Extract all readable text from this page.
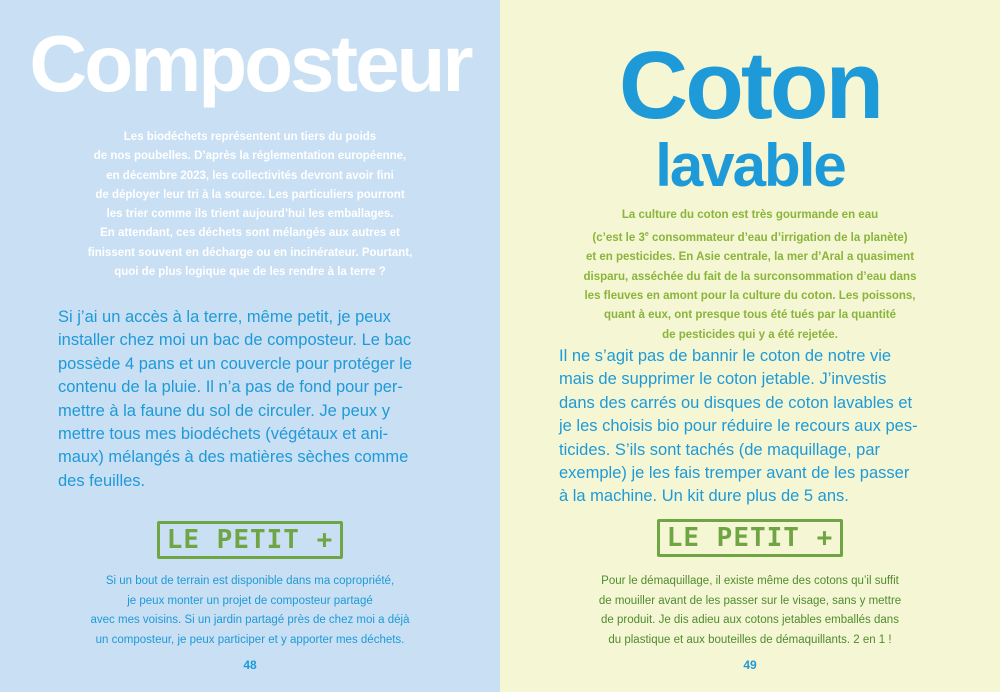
Composteur

Les biodéchets représentent un tiers du poids

de nos poubelles. D’après la réglementation européenne,

en décembre 2023, les collectivités devront avoir fini

de déployer leur tri à la source. Les particuliers pourront

les trier comme ils trient aujourd’hui les emballages.

En attendant, ces déchets sont mélangés aux autres et

finissent souvent en décharge ou en incinérateur. Pourtant,

quoi de plus logique que de les rendre à la terre ?

Si j’ai un accès à la terre, même petit, je peux

installer chez moi un bac de composteur. Le bac

possède 4 pans et un couvercle pour protéger le

contenu de la pluie. Il n’a pas de fond pour per-

mettre à la faune du sol de circuler. Je peux y

mettre tous mes biodéchets (végétaux et ani-

maux) mélangés à des matières sèches comme

des feuilles.

LE PETIT +

Si un bout de terrain est disponible dans ma copropriété,

je peux monter un projet de composteur partagé

avec mes voisins. Si un jardin partagé près de chez moi a déjà

un composteur, je peux participer et y apporter mes déchets.

48
Coton
lavable

La culture du coton est très gourmande en eau

(c’est le 3e consommateur d’eau d’irrigation de la planète)

et en pesticides. En Asie centrale, la mer d’Aral a quasiment

disparu, asséchée du fait de la surconsommation d’eau dans

les fleuves en amont pour la culture du coton. Les poissons,

quant à eux, ont presque tous été tués par la quantité

de pesticides qui y a été rejetée.

Il ne s’agit pas de bannir le coton de notre vie

mais de supprimer le coton jetable. J’investis

dans des carrés ou disques de coton lavables et

je les choisis bio pour réduire le recours aux pes-

ticides. S’ils sont tachés (de maquillage, par

exemple) je les fais tremper avant de les passer

à la machine. Un kit dure plus de 5 ans.

LE PETIT +

Pour le démaquillage, il existe même des cotons qu’il suffit

de mouiller avant de les passer sur le visage, sans y mettre

de produit. Je dis adieu aux cotons jetables emballés dans

du plastique et aux bouteilles de démaquillants. 2 en 1 !

49
